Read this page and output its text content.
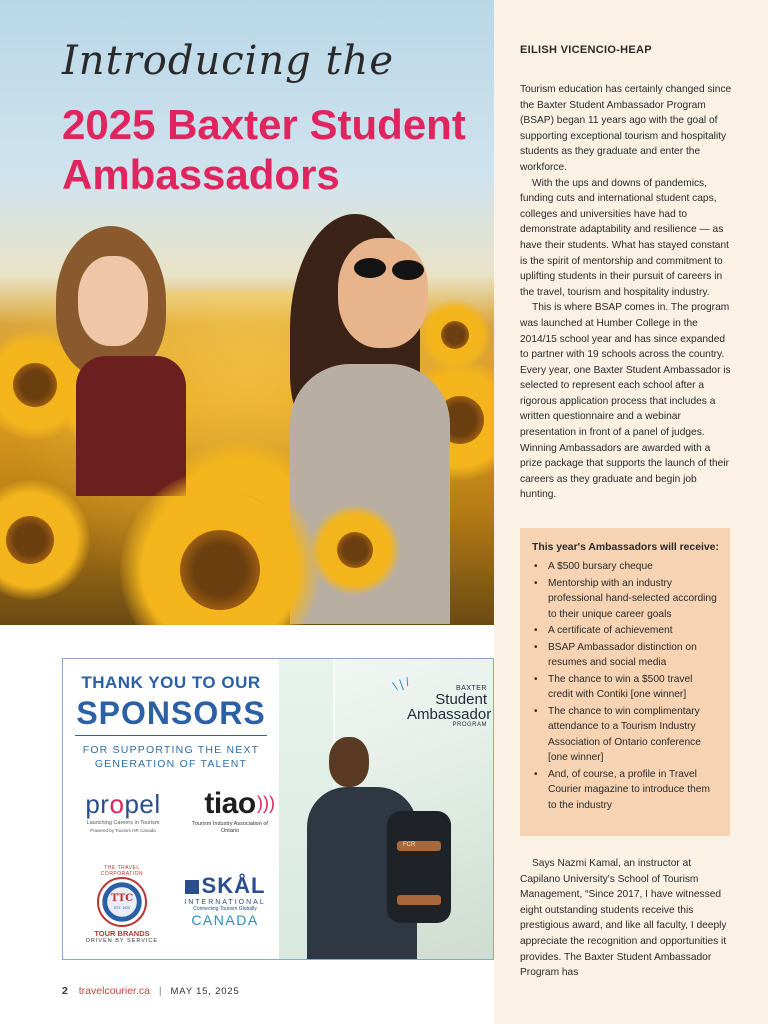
Introducing the
2025 Baxter Student Ambassadors
EILISH VICENCIO-HEAP

Tourism education has certainly changed since the Baxter Student Ambassador Program (BSAP) began 11 years ago with the goal of supporting exceptional tourism and hospitality students as they graduate and enter the workforce.

With the ups and downs of pandemics, funding cuts and international student caps, colleges and universities have had to demonstrate adaptability and resilience — as have their students. What has stayed constant is the spirit of mentorship and commitment to uplifting students in their pursuit of careers in the travel, tourism and hospitality industry.

This is where BSAP comes in. The program was launched at Humber College in the 2014/15 school year and has since expanded to partner with 19 schools across the country. Every year, one Baxter Student Ambassador is selected to represent each school after a rigorous application process that includes a written questionnaire and a webinar presentation in front of a panel of judges. Winning Ambassadors are awarded with a prize package that supports the launch of their careers as they graduate and begin job hunting.

This year's Ambassadors will receive:
• A $500 bursary cheque
• Mentorship with an industry professional hand-selected according to their unique career goals
• A certificate of achievement
• BSAP Ambassador distinction on resumes and social media
• The chance to win a $500 travel credit with Contiki [one winner]
• The chance to win complimentary attendance to a Tourism Industry Association of Ontario conference [one winner]
• And, of course, a profile in Travel Courier magazine to introduce them to the industry

Says Nazmi Kamal, an instructor at Capilano University's School of Tourism Management, “Since 2017, I have witnessed eight outstanding students receive this prestigious award, and like all faculty, I deeply appreciate the recognition and opportunities it provides. The Baxter Student Ambassador Program has

THANK YOU TO OUR
SPONSORS
FOR SUPPORTING THE NEXT GENERATION OF TALENT
propel
Launching Careers in Tourism
Powered by Tourism HR Canada
tiao )))
Tourism Industry Association of Ontario
THE TRAVEL CORPORATION
TTC
EST. 1920
TOUR BRANDS
DRIVEN BY SERVICE
SKÅL
INTERNATIONAL
Connecting Tourism Globally
CANADA
FCR
\ | /	BAXTER
Student
Ambassador
PROGRAM
2 travelcourier.ca | MAY 15, 2025
